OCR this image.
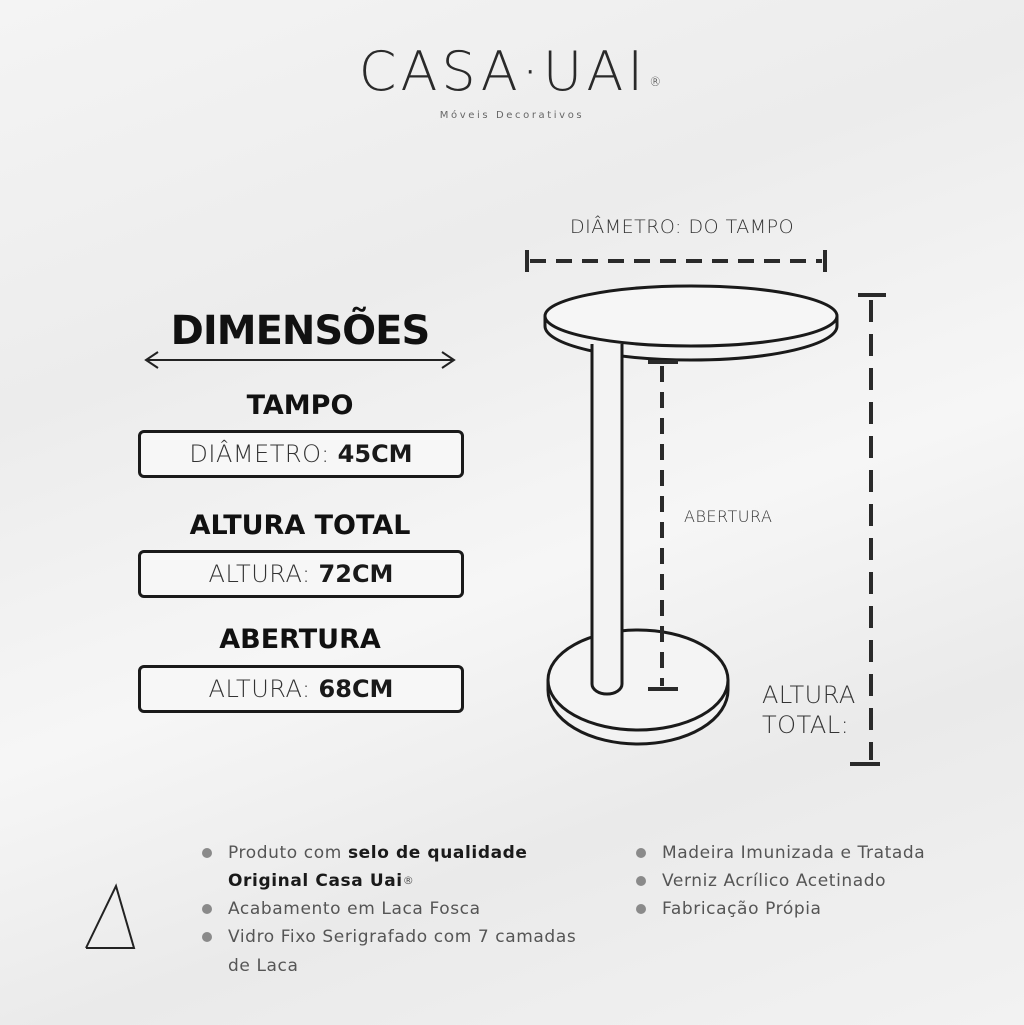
CASA·UAI ®
Móveis Decorativos
DIMENSÕES
TAMPO
DIÂMETRO: 45CM
ALTURA TOTAL
ALTURA: 72CM
ABERTURA
ALTURA: 68CM
DIÂMETRO: DO TAMPO
ABERTURA
ALTURA
TOTAL:
Produto com
selo de qualidade
Original Casa Uai ®
Acabamento em Laca Fosca
Vidro Fixo Serigrafado com 7 camadas
de Laca
Madeira Imunizada e Tratada
Verniz Acrílico Acetinado
Fabricação Própia
